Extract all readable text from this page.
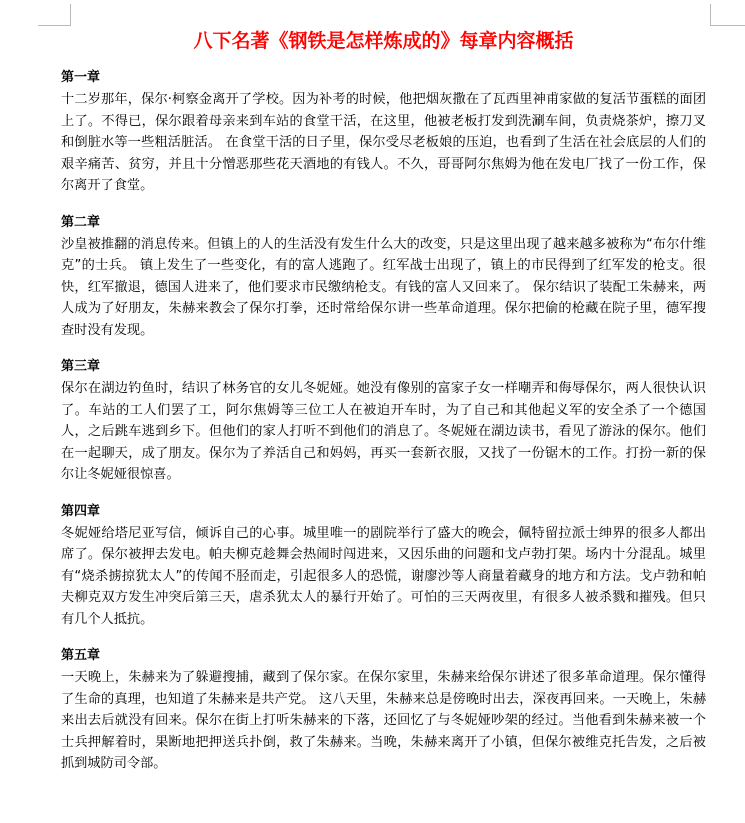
八下名著《钢铁是怎样炼成的》每章内容概括
第一章

十二岁那年，保尔·柯察金离开了学校。因为补考的时候，他把烟灰撒在了瓦西里神甫家做的复活节蛋糕的面团上了。不得已，保尔跟着母亲来到车站的食堂干活，在这里，他被老板打发到洗涮车间，负责烧茶炉，擦刀叉和倒脏水等一些粗活脏活。 在食堂干活的日子里，保尔受尽老板娘的压迫，也看到了生活在社会底层的人们的艰辛痛苦、贫穷，并且十分憎恶那些花天酒地的有钱人。不久，哥哥阿尔焦姆为他在发电厂找了一份工作，保尔离开了食堂。

第二章

沙皇被推翻的消息传来。但镇上的人的生活没有发生什么大的改变，只是这里出现了越来越多被称为“布尔什维克”的士兵。 镇上发生了一些变化，有的富人逃跑了。红军战士出现了，镇上的市民得到了红军发的枪支。很快，红军撤退，德国人进来了，他们要求市民缴纳枪支。有钱的富人又回来了。 保尔结识了装配工朱赫来，两人成为了好朋友，朱赫来教会了保尔打拳，还时常给保尔讲一些革命道理。保尔把偷的枪藏在院子里，德军搜查时没有发现。

第三章

保尔在湖边钓鱼时，结识了林务官的女儿冬妮娅。她没有像别的富家子女一样嘲弄和侮辱保尔，两人很快认识了。车站的工人们罢了工，阿尔焦姆等三位工人在被迫开车时，为了自己和其他起义军的安全杀了一个德国人，之后跳车逃到乡下。但他们的家人打听不到他们的消息了。冬妮娅在湖边读书，看见了游泳的保尔。他们在一起聊天，成了朋友。保尔为了养活自己和妈妈，再买一套新衣服，又找了一份锯木的工作。打扮一新的保尔让冬妮娅很惊喜。

第四章

冬妮娅给塔尼亚写信，倾诉自己的心事。城里唯一的剧院举行了盛大的晚会，佩特留拉派士绅界的很多人都出席了。保尔被押去发电。帕夫柳克趁舞会热闹时闯进来，又因乐曲的问题和戈卢勃打架。场内十分混乱。城里有“烧杀掳掠犹太人”的传闻不胫而走，引起很多人的恐慌，谢廖沙等人商量着藏身的地方和方法。戈卢勃和帕夫柳克双方发生冲突后第三天，虐杀犹太人的暴行开始了。可怕的三天两夜里，有很多人被杀戮和摧残。但只有几个人抵抗。

第五章

一天晚上，朱赫来为了躲避搜捕，藏到了保尔家。在保尔家里，朱赫来给保尔讲述了很多革命道理。保尔懂得了生命的真理，也知道了朱赫来是共产党。 这八天里，朱赫来总是傍晚时出去，深夜再回来。一天晚上，朱赫来出去后就没有回来。保尔在街上打听朱赫来的下落，还回忆了与冬妮娅吵架的经过。当他看到朱赫来被一个士兵押解着时，果断地把押送兵扑倒，救了朱赫来。当晚，朱赫来离开了小镇，但保尔被维克托告发，之后被抓到城防司令部。
